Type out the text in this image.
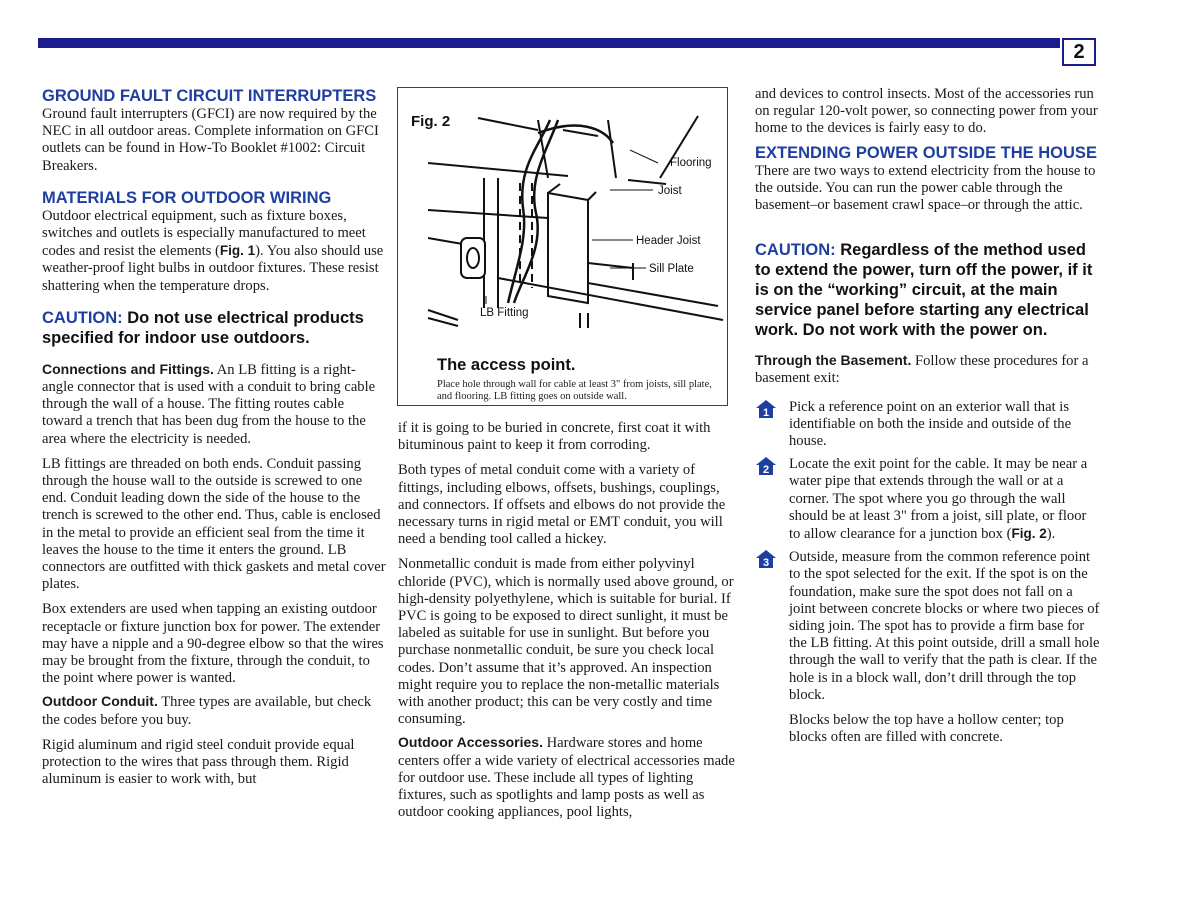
2
GROUND FAULT CIRCUIT INTERRUPTERS

Ground fault interrupters (GFCI) are now required by the NEC in all outdoor areas. Complete information on GFCI outlets can be found in How-To Booklet #1002: Circuit Breakers.

MATERIALS FOR OUTDOOR WIRING

Outdoor electrical equipment, such as fixture boxes, switches and outlets is especially manufactured to meet codes and resist the elements (Fig. 1). You also should use weather-proof light bulbs in outdoor fixtures. These resist shattering when the temperature drops.

CAUTION: Do not use electrical products specified for indoor use outdoors.

Connections and Fittings. An LB fitting is a right-angle connector that is used with a conduit to bring cable through the wall of a house. The fitting routes cable toward a trench that has been dug from the house to the area where the electricity is needed.

LB fittings are threaded on both ends. Conduit passing through the house wall to the outside is screwed to one end. Conduit leading down the side of the house to the trench is screwed to the other end. Thus, cable is enclosed in the metal to provide an efficient seal from the time it leaves the house to the time it enters the ground. LB connectors are outfitted with thick gaskets and metal cover plates.

Box extenders are used when tapping an existing outdoor receptacle or fixture junction box for power. The extender may have a nipple and a 90-degree elbow so that the wires may be brought from the fixture, through the conduit, to the point where power is wanted.

Outdoor Conduit. Three types are available, but check the codes before you buy.

Rigid aluminum and rigid steel conduit provide equal protection to the wires that pass through them. Rigid aluminum is easier to work with, but

Fig. 2
Flooring
Joist
Header Joist
Sill Plate
LB Fitting
The access point.
Place hole through wall for cable at least 3" from joists, sill plate, and flooring. LB fitting goes on outside wall.

if it is going to be buried in concrete, first coat it with bituminous paint to keep it from corroding.

Both types of metal conduit come with a variety of fittings, including elbows, offsets, bushings, couplings, and connectors. If offsets and elbows do not provide the necessary turns in rigid metal or EMT conduit, you will need a bending tool called a hickey.

Nonmetallic conduit is made from either polyvinyl chloride (PVC), which is normally used above ground, or high-density polyethylene, which is suitable for burial. If PVC is going to be exposed to direct sunlight, it must be labeled as suitable for use in sunlight. But before you purchase nonmetallic conduit, be sure you check local codes. Don’t assume that it’s approved. An inspection might require you to replace the non-metallic materials with another product; this can be very costly and time consuming.

Outdoor Accessories. Hardware stores and home centers offer a wide variety of electrical accessories made for outdoor use. These include all types of lighting fixtures, such as spotlights and lamp posts as well as outdoor cooking appliances, pool lights,

and devices to control insects. Most of the accessories run on regular 120-volt power, so connecting power from your home to the devices is fairly easy to do.

EXTENDING POWER OUTSIDE THE HOUSE

There are two ways to extend electricity from the house to the outside. You can run the power cable through the basement–or basement crawl space–or through the attic.

CAUTION: Regardless of the method used to extend the power, turn off the power, if it is on the “working” circuit, at the main service panel before starting any electrical work. Do not work with the power on.

Through the Basement. Follow these procedures for a basement exit:

1 Pick a reference point on an exterior wall that is identifiable on both the inside and outside of the house.

2 Locate the exit point for the cable. It may be near a water pipe that extends through the wall or at a corner. The spot where you go through the wall should be at least 3" from a joist, sill plate, or floor to allow clearance for a junction box (Fig. 2).

3 Outside, measure from the common reference point to the spot selected for the exit. If the spot is on the foundation, make sure the spot does not fall on a joint between concrete blocks or where two pieces of siding join. The spot has to provide a firm base for the LB fitting. At this point outside, drill a small hole through the wall to verify that the path is clear. If the hole is in a block wall, don’t drill through the top block.

Blocks below the top have a hollow center; top blocks often are filled with concrete.
